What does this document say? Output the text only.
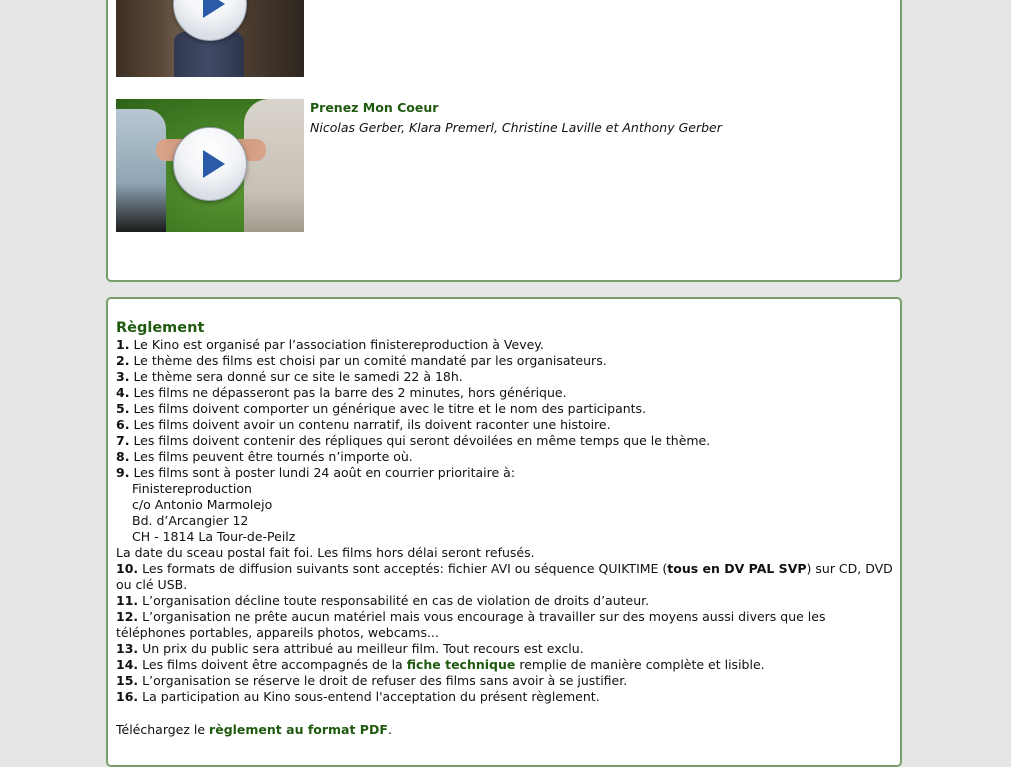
Prenez Mon Coeur
Nicolas Gerber, Klara Premerl, Christine Laville et Anthony Gerber
Règlement
1. Le Kino est organisé par l’association finistereproduction à Vevey.
2. Le thème des films est choisi par un comité mandaté par les organisateurs.
3. Le thème sera donné sur ce site le samedi 22 à 18h.
4. Les films ne dépasseront pas la barre des 2 minutes, hors générique.
5. Les films doivent comporter un générique avec le titre et le nom des participants.
6. Les films doivent avoir un contenu narratif, ils doivent raconter une histoire.
7. Les films doivent contenir des répliques qui seront dévoilées en même temps que le thème.
8. Les films peuvent être tournés n’importe où.
9. Les films sont à poster lundi 24 août en courrier prioritaire à:
Finistereproduction
c/o Antonio Marmolejo
Bd. d’Arcangier 12
CH - 1814 La Tour-de-Peilz
La date du sceau postal fait foi. Les films hors délai seront refusés.
10. Les formats de diffusion suivants sont acceptés: fichier AVI ou séquence QUIKTIME (tous en DV PAL SVP) sur CD, DVD ou clé USB.
11. L’organisation décline toute responsabilité en cas de violation de droits d’auteur.
12. L’organisation ne prête aucun matériel mais vous encourage à travailler sur des moyens aussi divers que les téléphones portables, appareils photos, webcams...
13. Un prix du public sera attribué au meilleur film. Tout recours est exclu.
14. Les films doivent être accompagnés de la fiche technique remplie de manière complète et lisible.
15. L’organisation se réserve le droit de refuser des films sans avoir à se justifier.
16. La participation au Kino sous-entend l'acceptation du présent règlement.
Téléchargez le règlement au format PDF.
